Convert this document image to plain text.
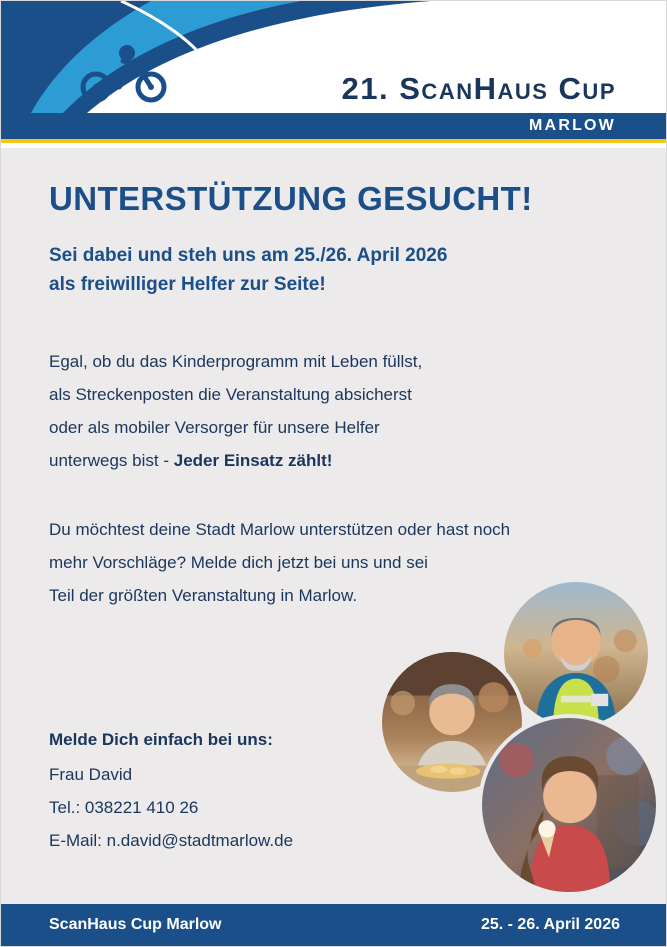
21. ScanHaus Cup
MARLOW
UNTERSTÜTZUNG GESUCHT!
Sei dabei und steh uns am 25./26. April 2026
als freiwilliger Helfer zur Seite!
Egal, ob du das Kinderprogramm mit Leben füllst,
als Streckenposten die Veranstaltung absicherst
oder als mobiler Versorger für unsere Helfer
unterwegs bist - Jeder Einsatz zählt!
Du möchtest deine Stadt Marlow unterstützen oder hast noch
mehr Vorschläge? Melde dich jetzt bei uns und sei
Teil der größten Veranstaltung in Marlow.
Melde Dich einfach bei uns:
Frau David
Tel.: 038221 410 26
E-Mail: n.david@stadtmarlow.de
ScanHaus Cup Marlow	25. - 26. April 2026
